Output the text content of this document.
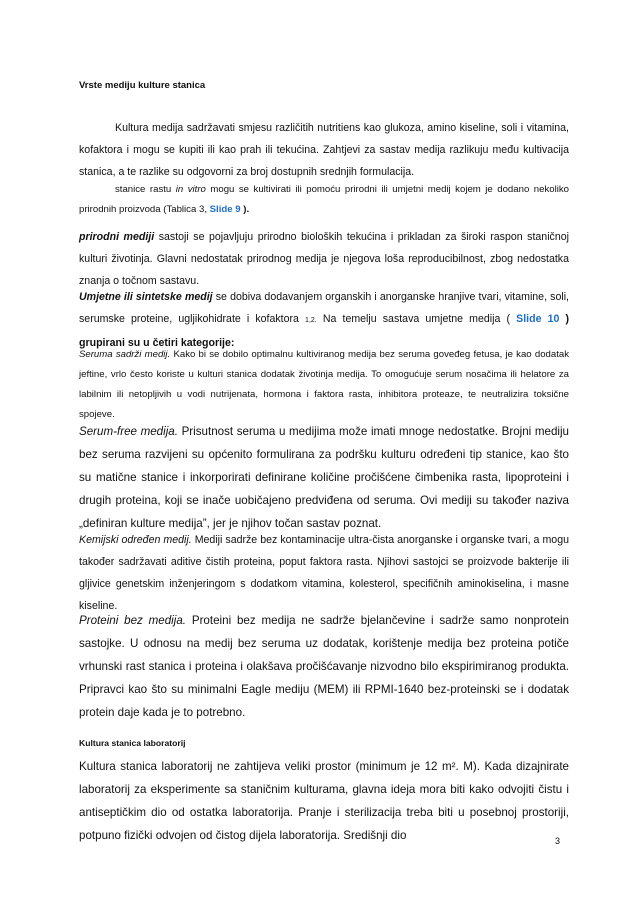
Vrste mediju kulture stanica

Kultura medija sadržavati smjesu različitih nutritiens kao glukoza, amino kiseline, soli i vitamina, kofaktora i mogu se kupiti ili kao prah ili tekućina. Zahtjevi za sastav medija razlikuju među kultivacija stanica, a te razlike su odgovorni za broj dostupnih srednjih formulacija.

stanice rastu in vitro mogu se kultivirati ili pomoću prirodni ili umjetni medij kojem je dodano nekoliko prirodnih proizvoda (Tablica 3, Slide 9 ).

prirodni mediji sastoji se pojavljuju prirodno bioloških tekućina i prikladan za široki raspon staničnoj kulturi životinja. Glavni nedostatak prirodnog medija je njegova loša reproducibilnost, zbog nedostatka znanja o točnom sastavu.

Umjetne ili sintetske medij se dobiva dodavanjem organskih i anorganske hranjive tvari, vitamine, soli, serumske proteine, ugljikohidrate i kofaktora 1,2. Na temelju sastava umjetne medija ( Slide 10 ) grupirani su u četiri kategorije:

Seruma sadrži medij. Kako bi se dobilo optimalnu kultiviranog medija bez seruma govеđeg fetusa, je kao dodatak jeftine, vrlo često koriste u kulturi stanica dodatak životinja medija. To omogućuje serum nosačima ili helatore za labilnim ili netopljivih u vodi nutrijenata, hormona i faktora rasta, inhibitora proteaze, te neutralizira toksične spojeve.

Serum-free medija. Prisutnost seruma u medijima može imati mnoge nedostatke. Brojni mediju bez seruma razvijeni su općenito formulirana za podršku kulturu određeni tip stanice, kao što su matične stanice i inkorporirati definirane količine pročišćene čimbenika rasta, lipoproteini i drugih proteina, koji se inače uobičajeno predviđena od seruma. Ovi mediji su također naziva „definiran kulture medija”, jer je njihov točan sastav poznat.

Kemijski određen medij. Mediji sadrže bez kontaminacije ultra-čista anorganske i organske tvari, a mogu također sadržavati aditive čistih proteina, poput faktora rasta. Njihovi sastojci se proizvode bakterije ili gljivice genetskim inženjeringom s dodatkom vitamina, kolesterol, specifičnih aminokiselina, i masne kiseline.

Proteini bez medija. Proteini bez medija ne sadrže bjelančevine i sadrže samo nonprotein sastojke. U odnosu na medij bez seruma uz dodatak, korištenje medija bez proteina potiče vrhunski rast stanica i proteina i olakšava pročišćavanje nizvodno bilo ekspirimiranog produkta. Pripravci kao što su minimalni Eagle mediju (MEM) ili RPMI-1640 bez-proteinski se i dodatak protein daje kada je to potrebno.

Kultura stanica laboratorij

Kultura stanica laboratorij ne zahtijeva veliki prostor (minimum je 12 m². M). Kada dizajnirate laboratorij za eksperimente sa staničnim kulturama, glavna ideja mora biti kako odvojiti čistu i antiseptičkim dio od ostatka laboratorija. Pranje i sterilizacija treba biti u posebnoj prostoriji, potpuno fizički odvojen od čistog dijela laboratorija. Središnji dio	3
